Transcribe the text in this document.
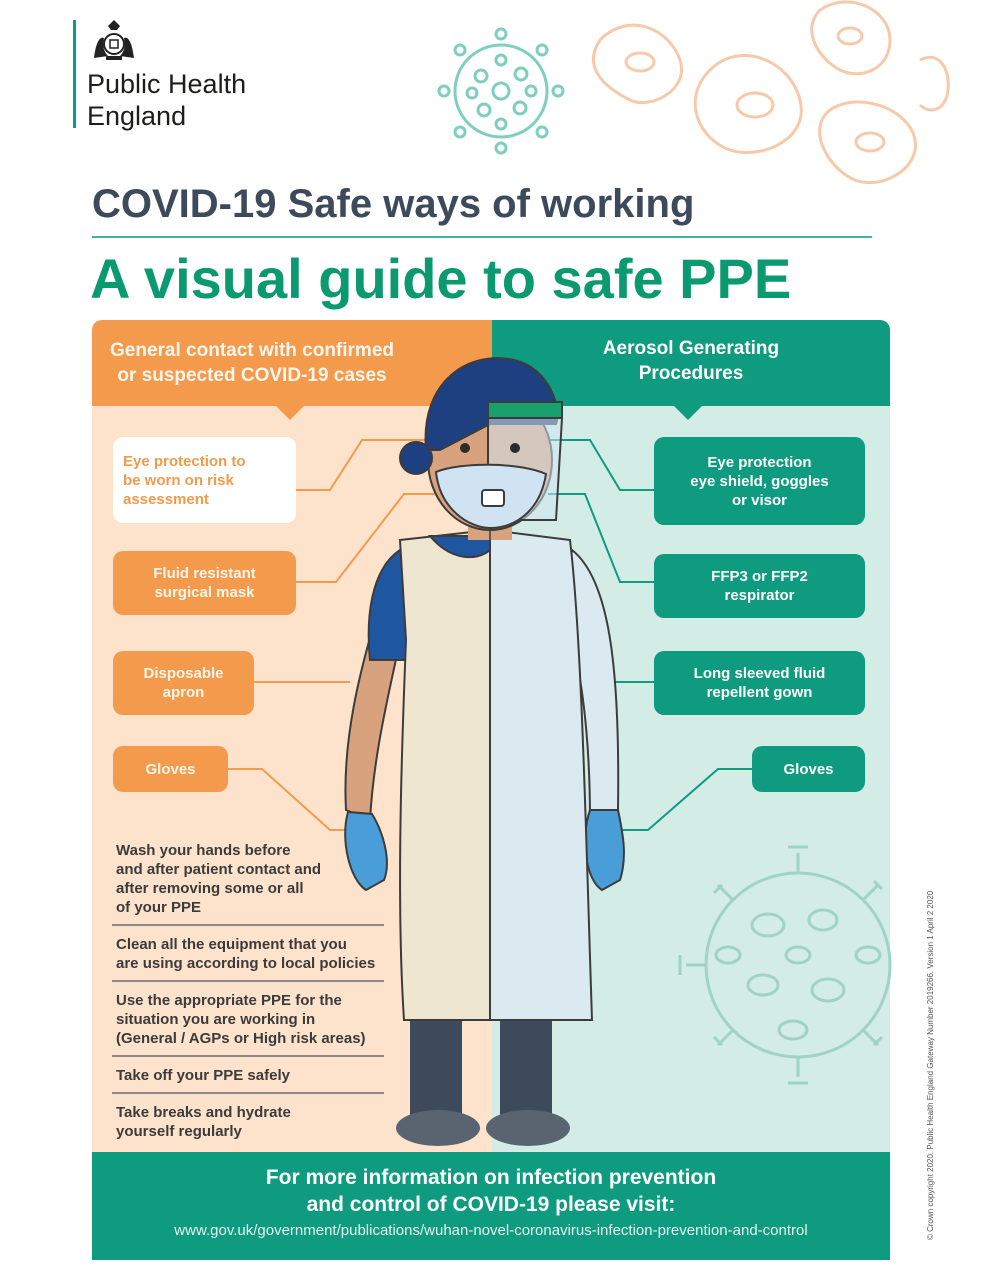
Public Health
England
COVID-19 Safe ways of working
A visual guide to safe PPE
General contact with confirmed
or suspected COVID-19 cases
Aerosol Generating
Procedures
Eye protection to
be worn on risk
assessment
Fluid resistant
surgical mask
Disposable
apron
Gloves
Eye protection
eye shield, goggles
or visor
FFP3 or FFP2
respirator
Long sleeved fluid
repellent gown
Gloves
Wash your hands before
and after patient contact and
after removing some or all
of your PPE
Clean all the equipment that you
are using according to local policies
Use the appropriate PPE for the
situation you are working in
(General / AGPs or High risk areas)
Take off your PPE safely
Take breaks and hydrate
yourself regularly
For more information on infection prevention
and control of COVID-19 please visit:
www.gov.uk/government/publications/wuhan-novel-coronavirus-infection-prevention-and-control	© Crown copyright 2020. Public Health England Gateway Number 2019266. Version 1 April 2 2020
